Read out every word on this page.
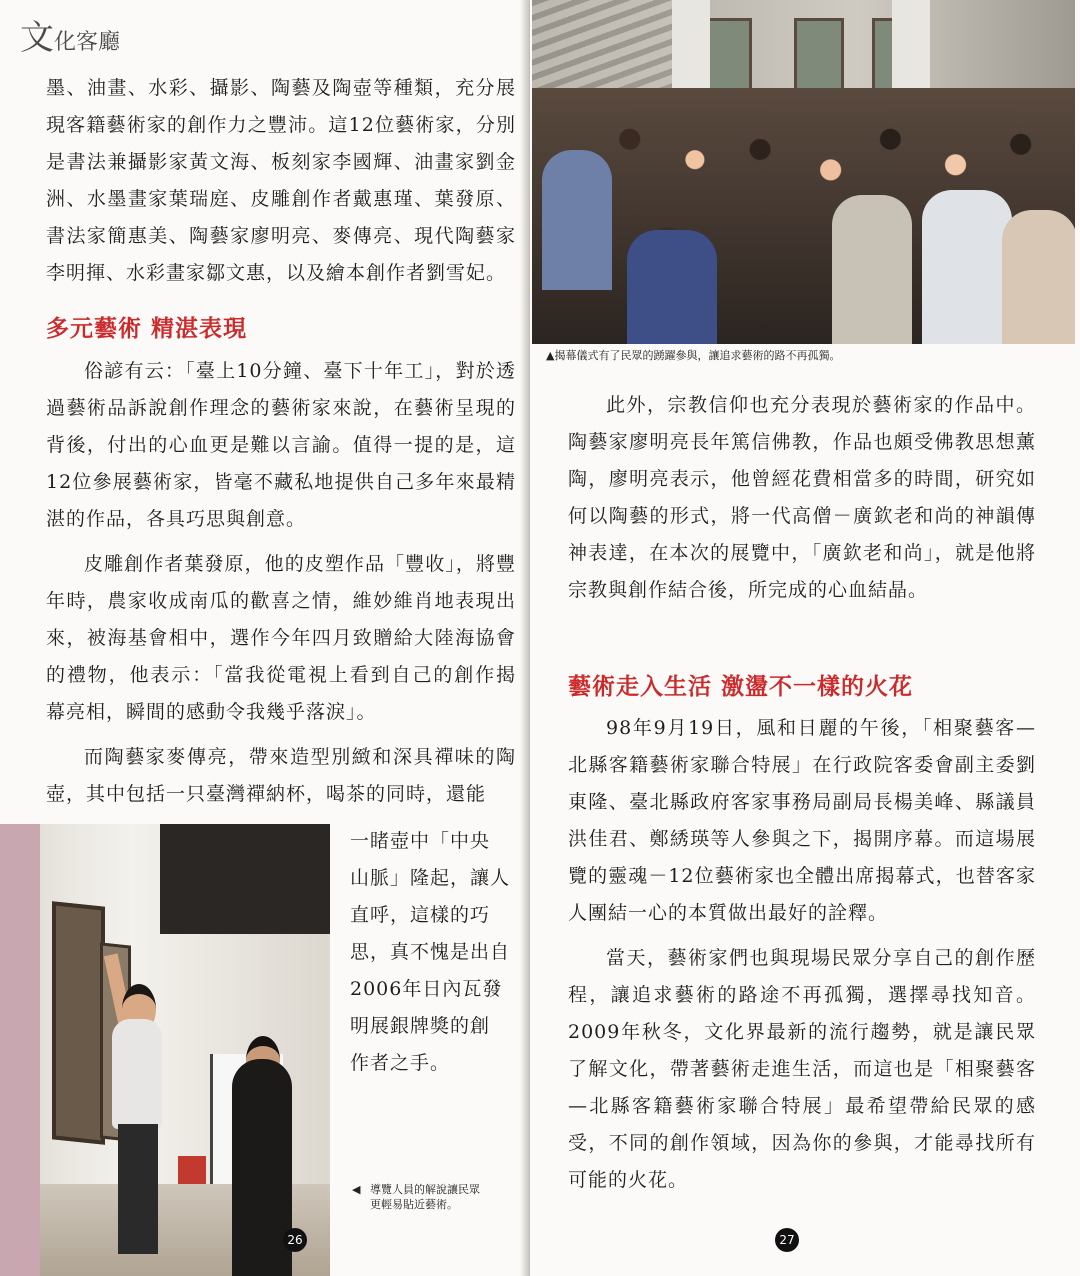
文化客廳

墨、油畫、水彩、攝影、陶藝及陶壺等種類，充分展現客籍藝術家的創作力之豐沛。這12位藝術家，分別是書法兼攝影家黃文海、板刻家李國輝、油畫家劉金洲、水墨畫家葉瑞庭、皮雕創作者戴惠瑾、葉發原、書法家簡惠美、陶藝家廖明亮、麥傳亮、現代陶藝家李明揮、水彩畫家鄒文惠，以及繪本創作者劉雪妃。

多元藝術 精湛表現

俗諺有云：「臺上10分鐘、臺下十年工」，對於透過藝術品訴說創作理念的藝術家來說，在藝術呈現的背後，付出的心血更是難以言諭。值得一提的是，這12位參展藝術家，皆毫不藏私地提供自己多年來最精湛的作品，各具巧思與創意。

皮雕創作者葉發原，他的皮塑作品「豐收」，將豐年時，農家收成南瓜的歡喜之情，維妙維肖地表現出來，被海基會相中，選作今年四月致贈給大陸海協會的禮物，他表示：「當我從電視上看到自己的創作揭幕亮相，瞬間的感動令我幾乎落淚」。

而陶藝家麥傳亮，帶來造型別緻和深具禪味的陶壺，其中包括一只臺灣禪納杯，喝茶的同時，還能

一睹壺中「中央

山脈」隆起，讓人

直呼，這樣的巧

思，真不愧是出自

2006年日內瓦發

明展銀牌獎的創

作者之手。

◀ 導覽人員的解說讓民眾
更輕易貼近藝術。
26
▲揭幕儀式有了民眾的踴躍參與，讓追求藝術的路不再孤獨。

此外，宗教信仰也充分表現於藝術家的作品中。陶藝家廖明亮長年篤信佛教，作品也頗受佛教思想薰陶，廖明亮表示，他曾經花費相當多的時間，研究如何以陶藝的形式，將一代高僧－廣欽老和尚的神韻傳神表達，在本次的展覽中，「廣欽老和尚」，就是他將宗教與創作結合後，所完成的心血結晶。

藝術走入生活 激盪不一樣的火花

98年9月19日，風和日麗的午後，「相聚藝客—北縣客籍藝術家聯合特展」在行政院客委會副主委劉東隆、臺北縣政府客家事務局副局長楊美峰、縣議員洪佳君、鄭綉瑛等人參與之下，揭開序幕。而這場展覽的靈魂－12位藝術家也全體出席揭幕式，也替客家人團結一心的本質做出最好的詮釋。

當天，藝術家們也與現場民眾分享自己的創作歷程，讓追求藝術的路途不再孤獨，選擇尋找知音。2009年秋冬，文化界最新的流行趨勢，就是讓民眾了解文化，帶著藝術走進生活，而這也是「相聚藝客—北縣客籍藝術家聯合特展」最希望帶給民眾的感受，不同的創作領域，因為你的參與，才能尋找所有可能的火花。

27
